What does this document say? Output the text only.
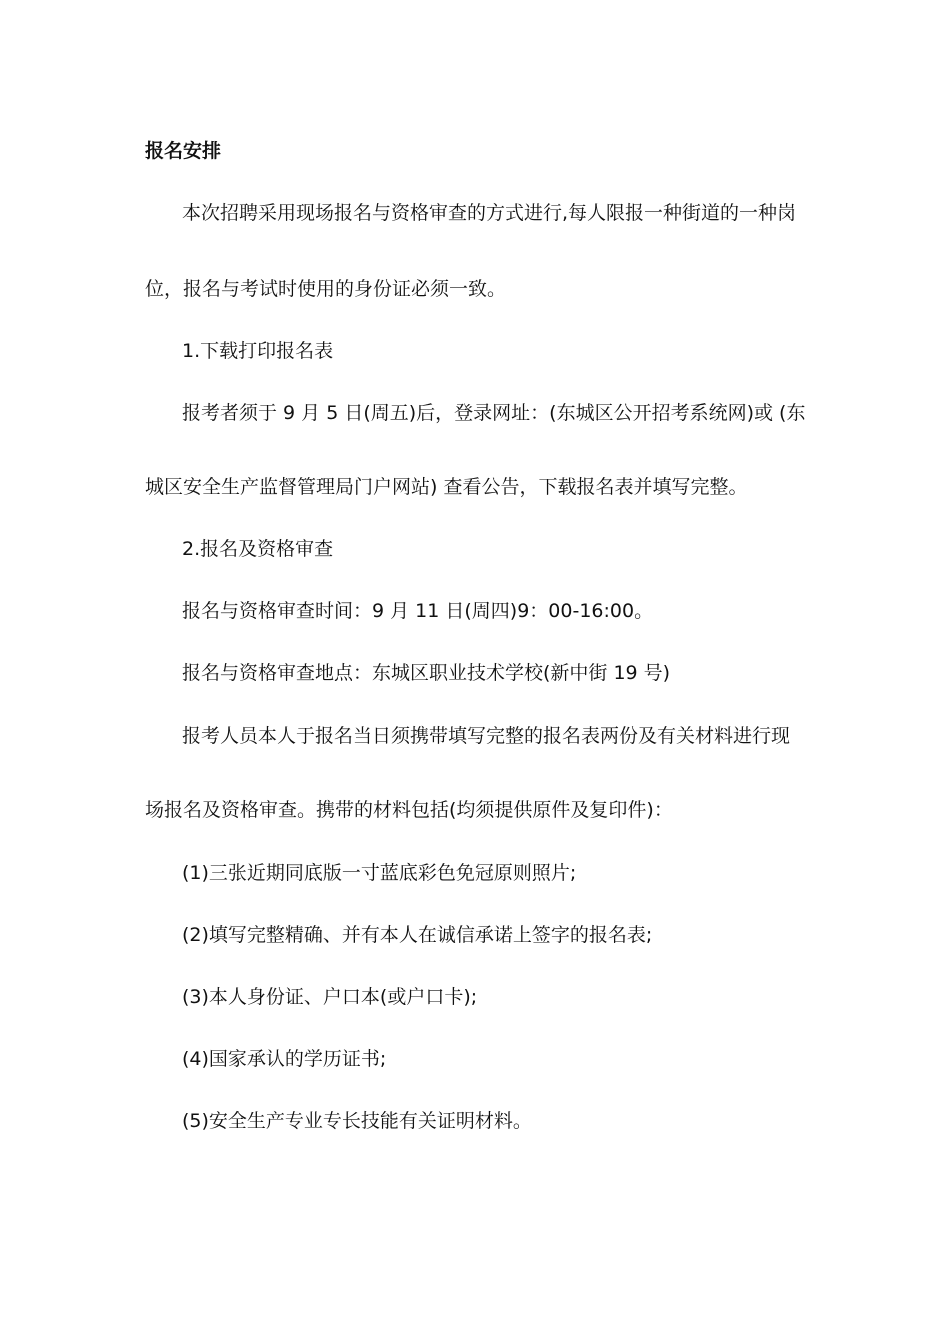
报名安排
本次招聘采用现场报名与资格审查的方式进行,每人限报一种街道的一种岗
位，报名与考试时使用的身份证必须一致。
1.下载打印报名表
报考者须于 9 月 5 日(周五)后，登录网址：(东城区公开招考系统网)或 (东
城区安全生产监督管理局门户网站) 查看公告，下载报名表并填写完整。
2.报名及资格审查
报名与资格审查时间：9 月 11 日(周四)9：00-16:00。
报名与资格审查地点：东城区职业技术学校(新中街 19 号)
报考人员本人于报名当日须携带填写完整的报名表两份及有关材料进行现
场报名及资格审查。携带的材料包括(均须提供原件及复印件)：
(1)三张近期同底版一寸蓝底彩色免冠原则照片;
(2)填写完整精确、并有本人在诚信承诺上签字的报名表;
(3)本人身份证、户口本(或户口卡);
(4)国家承认的学历证书;
(5)安全生产专业专长技能有关证明材料。
